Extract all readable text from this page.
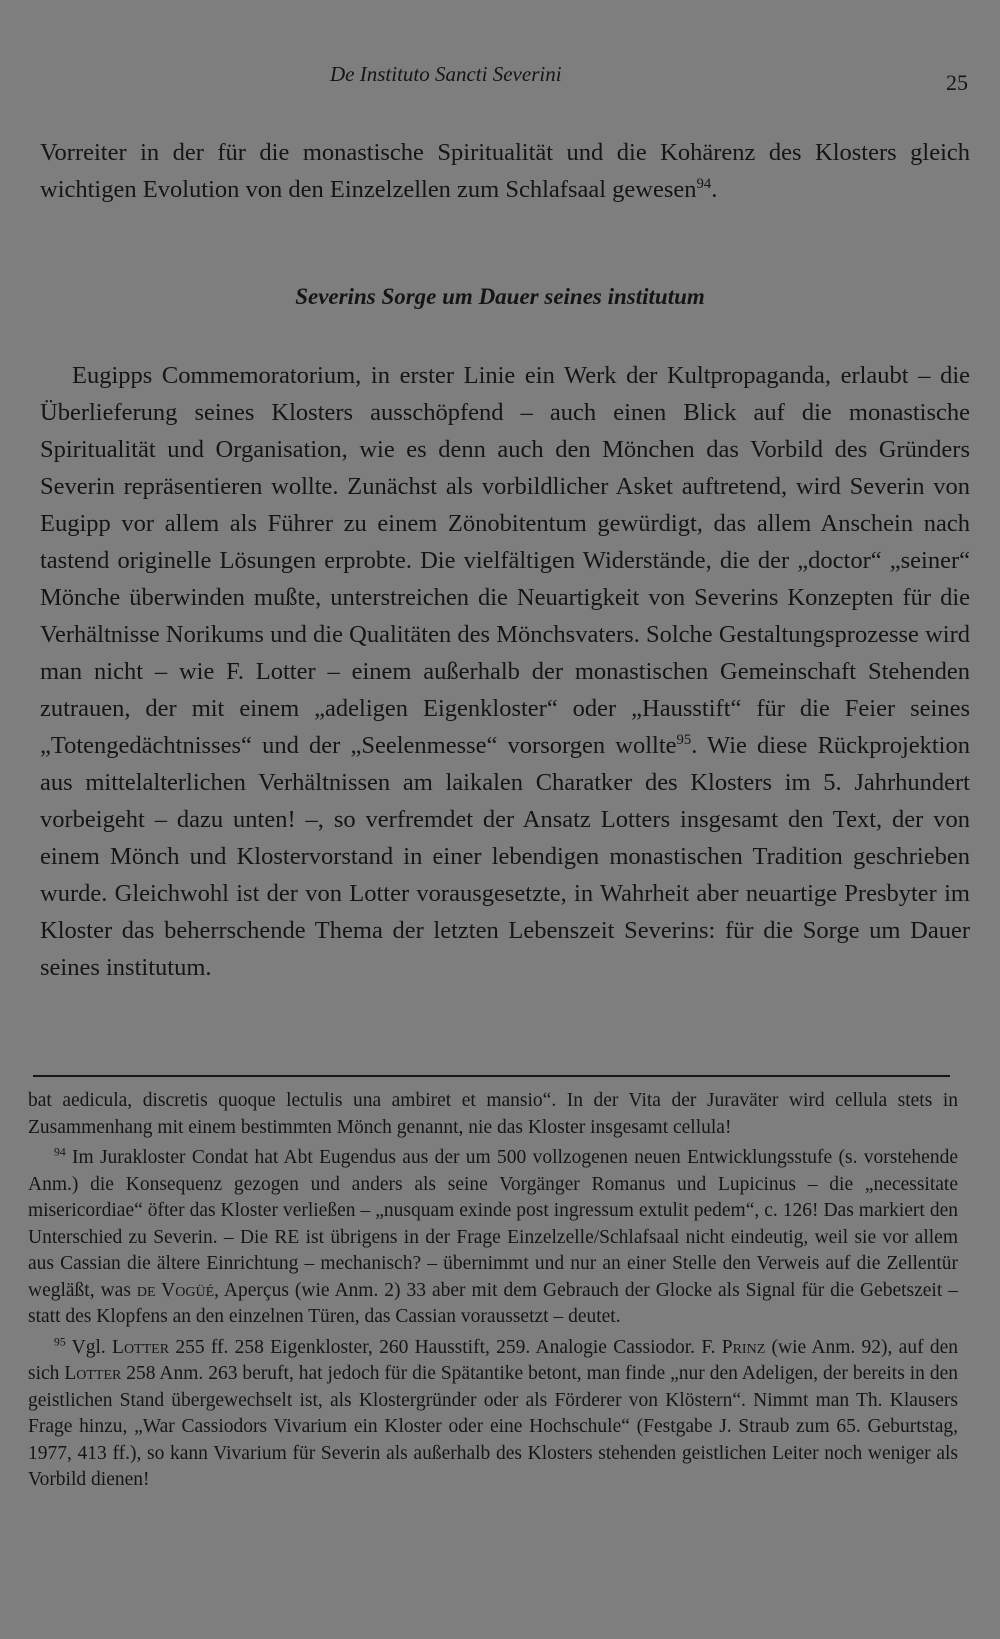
De Instituto Sancti Severini	25

Vorreiter in der für die monastische Spiritualität und die Kohärenz des Klosters gleich wichtigen Evolution von den Einzelzellen zum Schlafsaal gewesen$^{94}$.

Severins Sorge um Dauer seines institutum

Eugipps Commemoratorium, in erster Linie ein Werk der Kultpropaganda, erlaubt – die Überlieferung seines Klosters ausschöpfend – auch einen Blick auf die monastische Spiritualität und Organisation, wie es denn auch den Mönchen das Vorbild des Gründers Severin repräsentieren wollte. Zunächst als vorbildlicher Asket auftretend, wird Severin von Eugipp vor allem als Führer zu einem Zönobitentum gewürdigt, das allem Anschein nach tastend originelle Lösungen erprobte. Die vielfältigen Widerstände, die der „doctor“ „seiner“ Mönche überwinden mußte, unterstreichen die Neuartigkeit von Severins Konzepten für die Verhältnisse Norikums und die Qualitäten des Mönchsvaters. Solche Gestaltungsprozesse wird man nicht – wie F. Lotter – einem außerhalb der monastischen Gemeinschaft Stehenden zutrauen, der mit einem „adeligen Eigenkloster“ oder „Hausstift“ für die Feier seines „Totengedächtnisses“ und der „Seelenmesse“ vorsorgen wollte$^{95}$. Wie diese Rückprojektion aus mittelalterlichen Verhältnissen am laikalen Charatker des Klosters im 5. Jahrhundert vorbeigeht – dazu unten! –, so verfremdet der Ansatz Lotters insgesamt den Text, der von einem Mönch und Klostervorstand in einer lebendigen monastischen Tradition geschrieben wurde. Gleichwohl ist der von Lotter vorausgesetzte, in Wahrheit aber neuartige Presbyter im Kloster das beherrschende Thema der letzten Lebenszeit Severins: für die Sorge um Dauer seines institutum.

bat aedicula, discretis quoque lectulis una ambiret et mansio“. In der Vita der Juraväter wird cellula stets in Zusammenhang mit einem bestimmten Mönch genannt, nie das Kloster insgesamt cellula!

$^{94}$ Im Jurakloster Condat hat Abt Eugendus aus der um 500 vollzogenen neuen Entwicklungsstufe (s. vorstehende Anm.) die Konsequenz gezogen und anders als seine Vorgänger Romanus und Lupicinus – die „necessitate misericordiae“ öfter das Kloster verließen – „nusquam exinde post ingressum extulit pedem“, c. 126! Das markiert den Unterschied zu Severin. – Die RE ist übrigens in der Frage Einzelzelle/Schlafsaal nicht eindeutig, weil sie vor allem aus Cassian die ältere Einrichtung – mechanisch? – übernimmt und nur an einer Stelle den Verweis auf die Zellentür wegläßt, was de Vogüé, Aperçus (wie Anm. 2) 33 aber mit dem Gebrauch der Glocke als Signal für die Gebetszeit – statt des Klopfens an den einzelnen Türen, das Cassian voraussetzt – deutet.

$^{95}$ Vgl. Lotter 255 ff. 258 Eigenkloster, 260 Hausstift, 259. Analogie Cassiodor. F. Prinz (wie Anm. 92), auf den sich Lotter 258 Anm. 263 beruft, hat jedoch für die Spätantike betont, man finde „nur den Adeligen, der bereits in den geistlichen Stand übergewechselt ist, als Klostergründer oder als Förderer von Klöstern“. Nimmt man Th. Klausers Frage hinzu, „War Cassiodors Vivarium ein Kloster oder eine Hochschule“ (Festgabe J. Straub zum 65. Geburtstag, 1977, 413 ff.), so kann Vivarium für Severin als außerhalb des Klosters stehenden geistlichen Leiter noch weniger als Vorbild dienen!
